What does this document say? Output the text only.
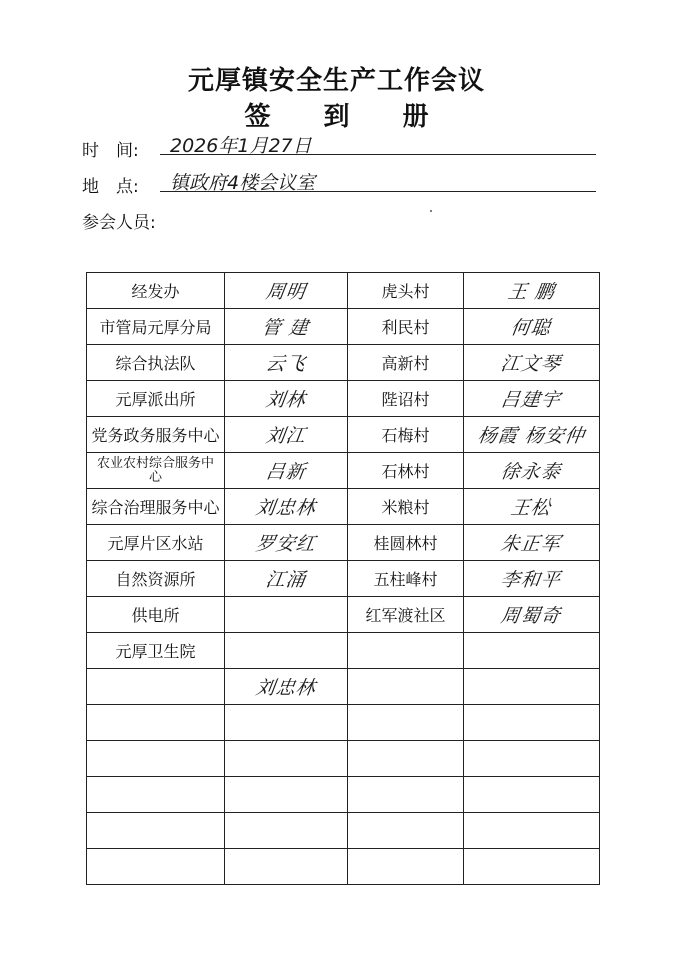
元厚镇安全生产工作会议
签 到 册
时　间:	2026年1月27日
地　点:	镇政府4楼会议室
参会人员:
经发办	周明	虎头村	王 鹏

市管局元厚分局	管 建	利民村	何聪

综合执法队	云飞	高新村	江文琴

元厚派出所	刘林	陛诏村	吕建宇

党务政务服务中心	刘江	石梅村	杨霞 杨安仲

农业农村综合服务中心	吕新	石林村	徐永泰

综合治理服务中心	刘忠林	米粮村	王松

元厚片区水站	罗安红	桂圆林村	朱正军

自然资源所	江涌	五柱峰村	李和平

供电所		红军渡社区	周蜀奇

元厚卫生院	

	刘忠林		
